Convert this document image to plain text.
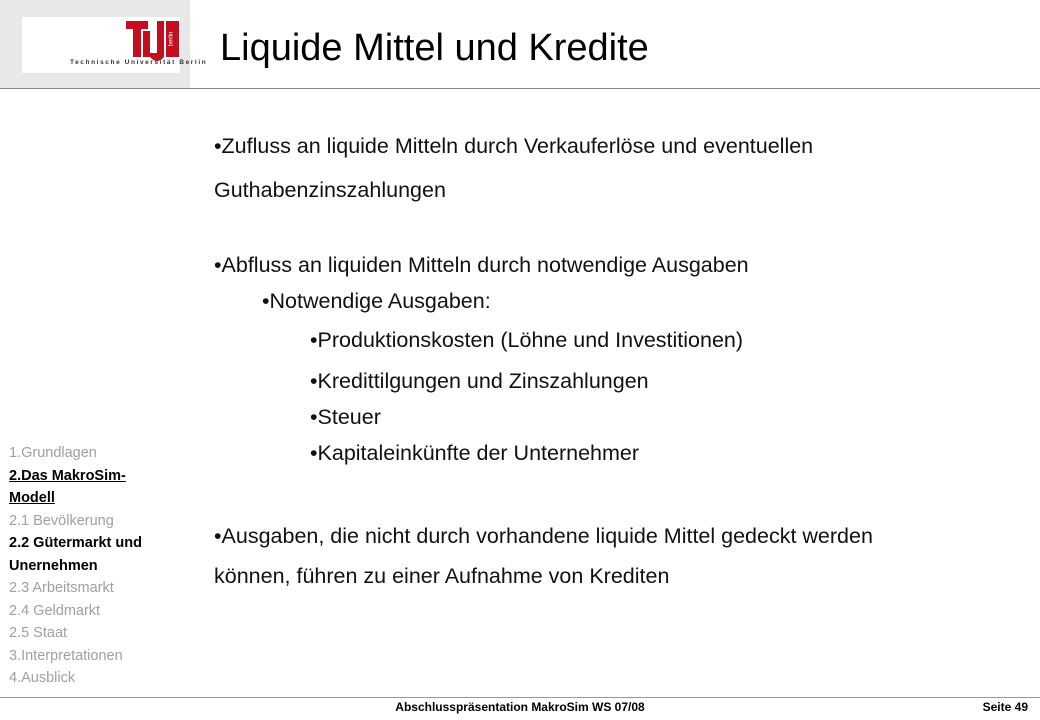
berlin
Technische Universität Berlin Liquide Mittel und Kredite
•Zufluss an liquide Mitteln durch Verkauferlöse und eventuellen
Guthabenzinszahlungen
•Abfluss an liquiden Mitteln durch notwendige Ausgaben
•Notwendige Ausgaben:
•Produktionskosten (Löhne und Investitionen)
•Kredittilgungen und Zinszahlungen
•Steuer
•Kapitaleinkünfte der Unternehmer
•Ausgaben, die nicht durch vorhandene liquide Mittel gedeckt werden
können, führen zu einer Aufnahme von Krediten
1.Grundlagen
2.Das MakroSim-
Modell
2.1 Bevölkerung
2.2 Gütermarkt und
Unernehmen
2.3 Arbeitsmarkt
2.4 Geldmarkt
2.5 Staat
3.Interpretationen
4.Ausblick
Abschlusspräsentation MakroSim WS 07/08	Seite 49
